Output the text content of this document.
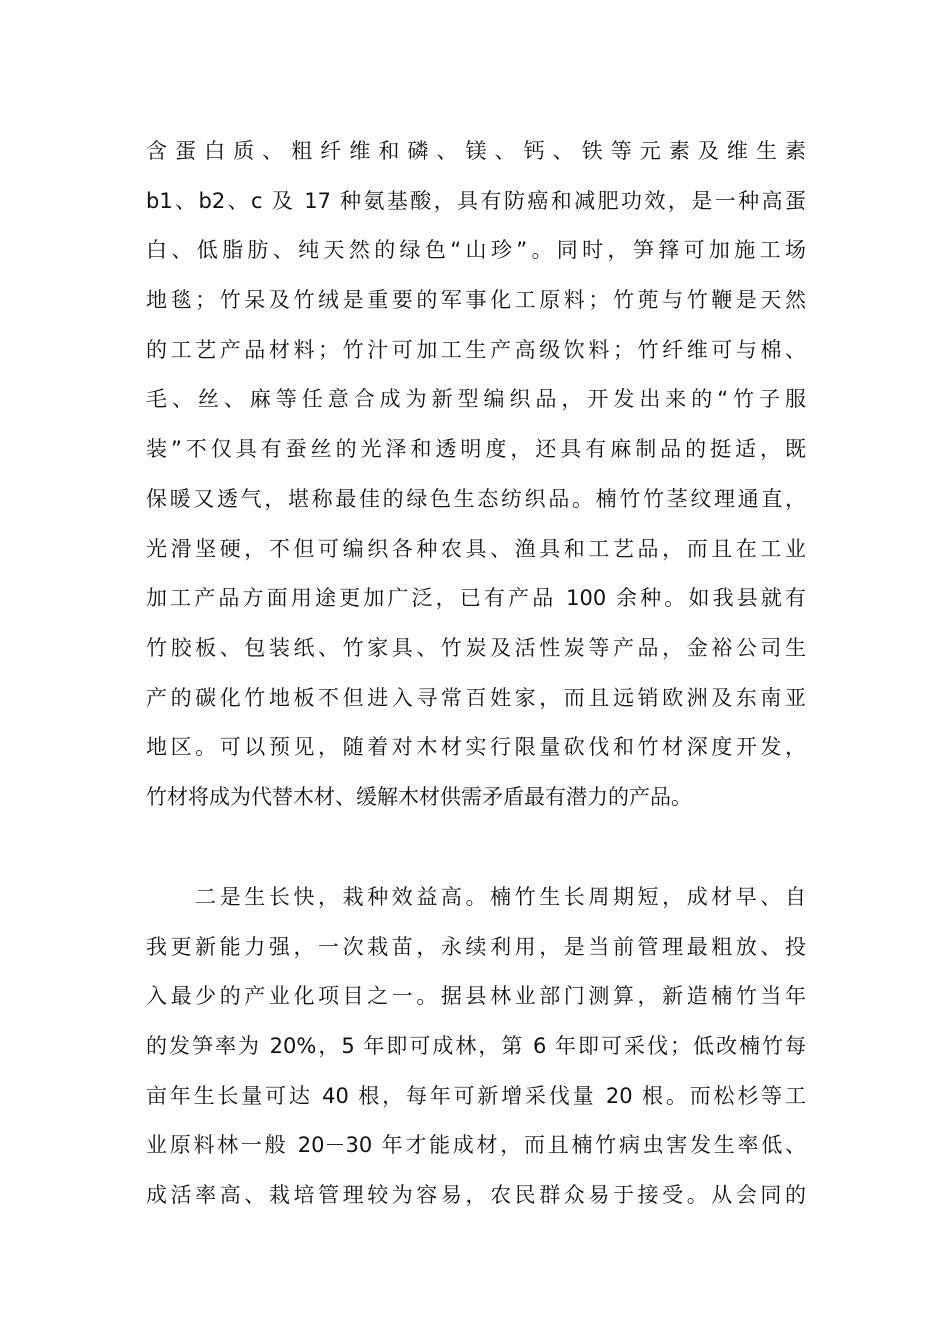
含蛋白质、粗纤维和磷、镁、钙、铁等元素及维生素
b1、b2、c 及 17 种氨基酸，具有防癌和减肥功效，是一种高蛋
白、低脂肪、纯天然的绿色“山珍”。同时，笋箨可加施工场
地毯；竹呆及竹绒是重要的军事化工原料；竹蔸与竹鞭是天然
的工艺产品材料；竹汁可加工生产高级饮料；竹纤维可与棉、
毛、丝、麻等任意合成为新型编织品，开发出来的“竹子服
装”不仅具有蚕丝的光泽和透明度，还具有麻制品的挺适，既
保暖又透气，堪称最佳的绿色生态纺织品。楠竹竹茎纹理通直，
光滑坚硬，不但可编织各种农具、渔具和工艺品，而且在工业
加工产品方面用途更加广泛，已有产品 100 余种。如我县就有
竹胶板、包装纸、竹家具、竹炭及活性炭等产品，金裕公司生
产的碳化竹地板不但进入寻常百姓家，而且远销欧洲及东南亚
地区。可以预见，随着对木材实行限量砍伐和竹材深度开发，
竹材将成为代替木材、缓解木材供需矛盾最有潜力的产品。
　　二是生长快，栽种效益高。楠竹生长周期短，成材早、自
我更新能力强，一次栽苗，永续利用，是当前管理最粗放、投
入最少的产业化项目之一。据县林业部门测算，新造楠竹当年
的发笋率为 20%，5 年即可成林，第 6 年即可采伐；低改楠竹每
亩年生长量可达 40 根，每年可新增采伐量 20 根。而松杉等工
业原料林一般 20－30 年才能成材，而且楠竹病虫害发生率低、
成活率高、栽培管理较为容易，农民群众易于接受。从会同的
